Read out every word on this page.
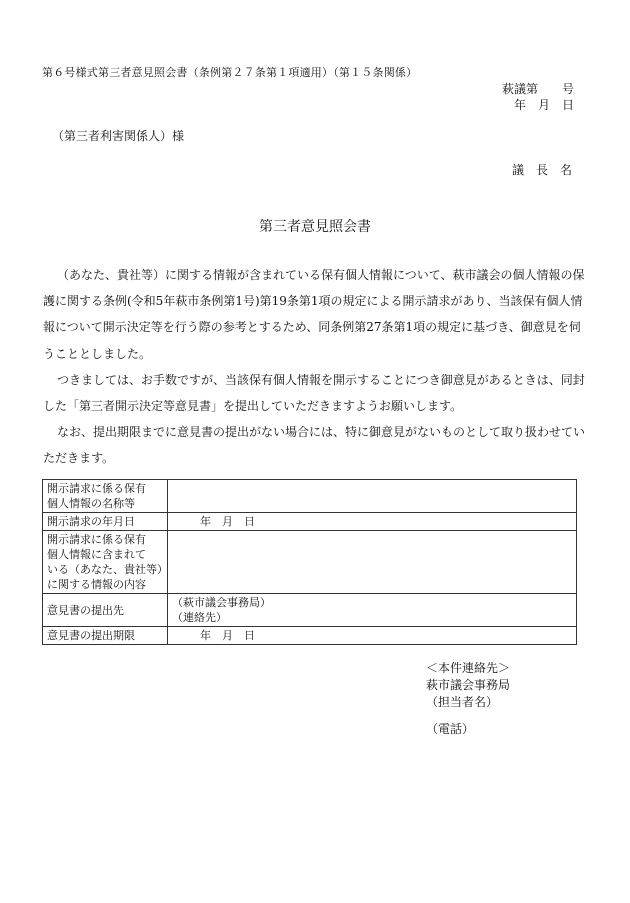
第６号様式第三者意見照会書（条例第２７条第１項適用）（第１５条関係）
萩議第　　号
年　月　日
（第三者利害関係人）様
議　長　名
第三者意見照会書

（あなた、貴社等）に関する情報が含まれている保有個人情報について、萩市議会の個人情報の保護に関する条例(令和5年萩市条例第1号)第19条第1項の規定による開示請求があり、当該保有個人情報について開示決定等を行う際の参考とするため、同条例第27条第1項の規定に基づき、御意見を伺うこととしました。

つきましては、お手数ですが、当該保有個人情報を開示することにつき御意見があるときは、同封した「第三者開示決定等意見書」を提出していただきますようお願いします。

なお、提出期限までに意見書の提出がない場合には、特に御意見がないものとして取り扱わせていただきます。

開示請求に係る保有
個人情報の名称等	

開示請求の年月日	年　月　日

開示請求に係る保有
個人情報に含まれて
いる（あなた、貴社等）
に関する情報の内容	

意見書の提出先	（萩市議会事務局）
（連絡先）

意見書の提出期限	年　月　日
＜本件連絡先＞
萩市議会事務局
（担当者名）
（電話）
